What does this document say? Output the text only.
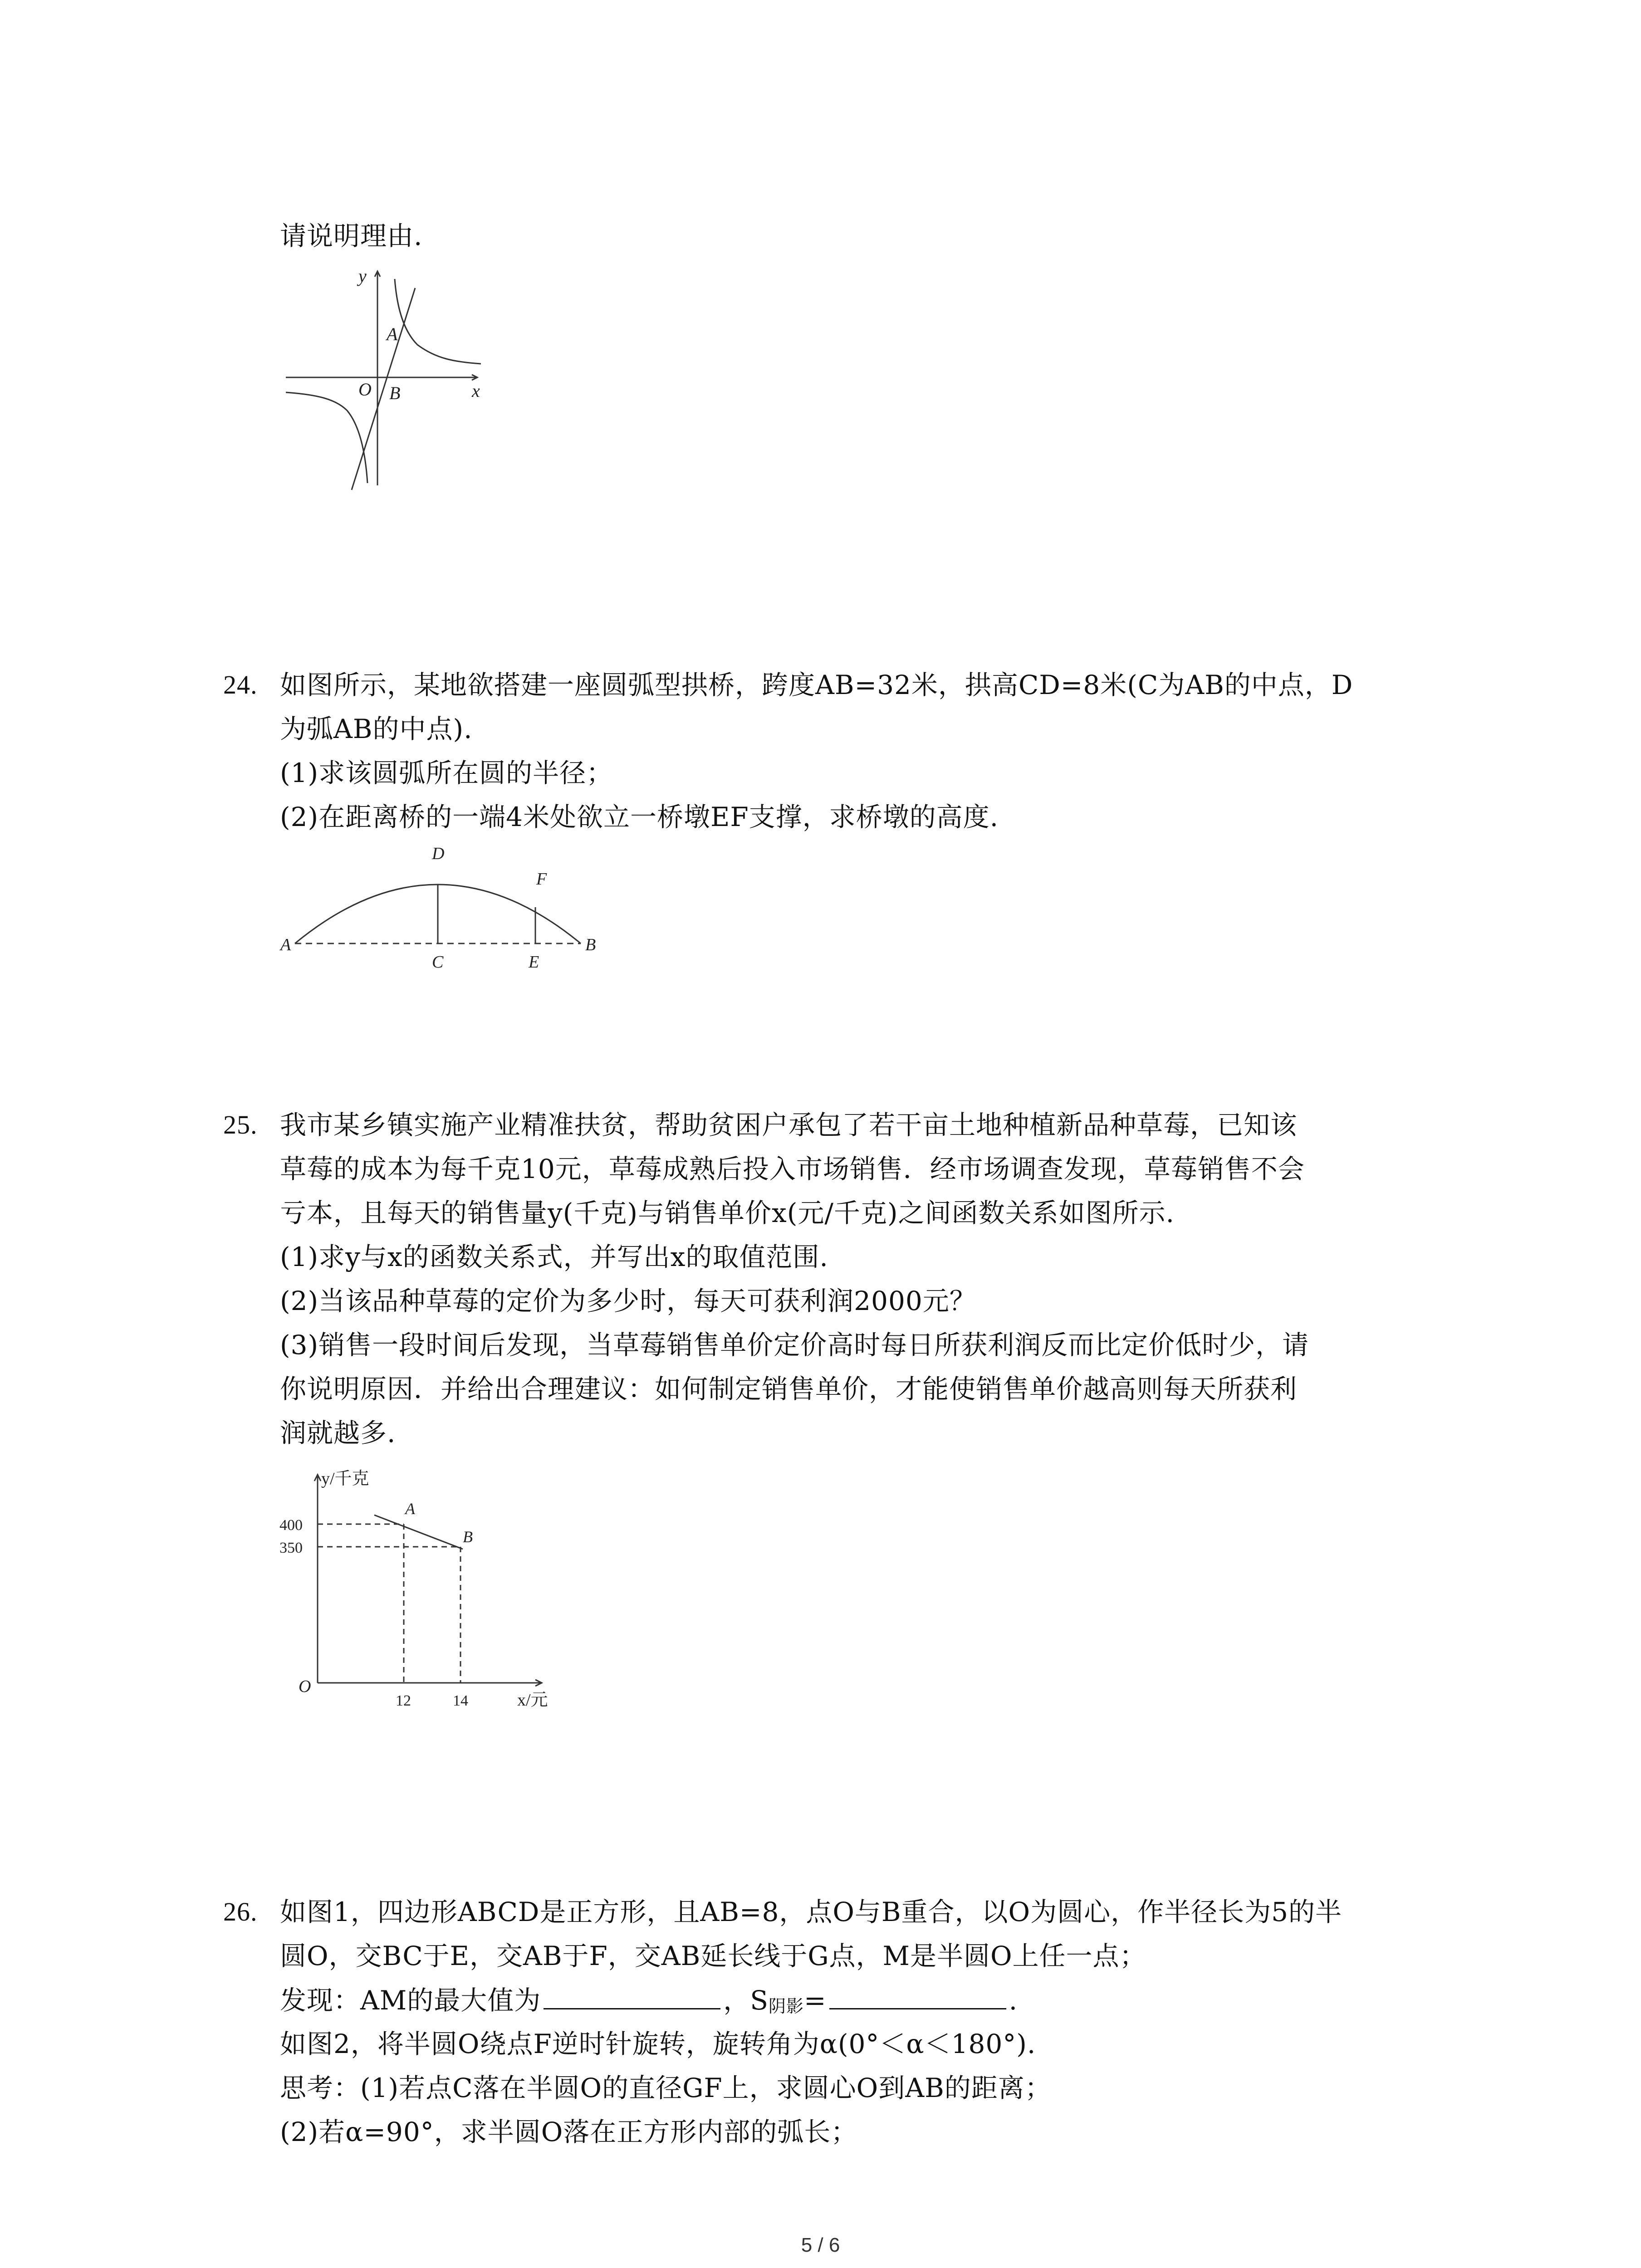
请说明理由.
y
x
O
A
B
24. 如图所示，某地欲搭建一座圆弧型拱桥，跨度AB=32米，拱高CD=8米(C为AB的中点，D
为弧AB的中点).
(1)求该圆弧所在圆的半径；
(2)在距离桥的一端4米处欲立一桥墩EF支撑，求桥墩的高度.
A	B
C
D
E
F
25. 我市某乡镇实施产业精准扶贫，帮助贫困户承包了若干亩土地种植新品种草莓，已知该
草莓的成本为每千克10元，草莓成熟后投入市场销售．经市场调查发现，草莓销售不会
亏本，且每天的销售量y(千克)与销售单价x(元/千克)之间函数关系如图所示.
(1)求y与x的函数关系式，并写出x的取值范围.
(2)当该品种草莓的定价为多少时，每天可获利润2000元？
(3)销售一段时间后发现，当草莓销售单价定价高时每日所获利润反而比定价低时少，请
你说明原因．并给出合理建议：如何制定销售单价，才能使销售单价越高则每天所获利
润就越多.
y/千克
x/元
O
400
350
12	14
A
B
26. 如图1，四边形ABCD是正方形，且AB=8，点O与B重合，以O为圆心，作半径长为5的半
圆O，交BC于E，交AB于F，交AB延长线于G点，M是半圆O上任一点；
发现：AM的最大值为	，$S_{阴影}=$	.
如图2，将半圆O绕点F逆时针旋转，旋转角为α(0°＜α＜180°).
思考：(1)若点C落在半圆O的直径GF上，求圆心O到AB的距离；
(2)若α=90°，求半圆O落在正方形内部的弧长；
5 / 6
